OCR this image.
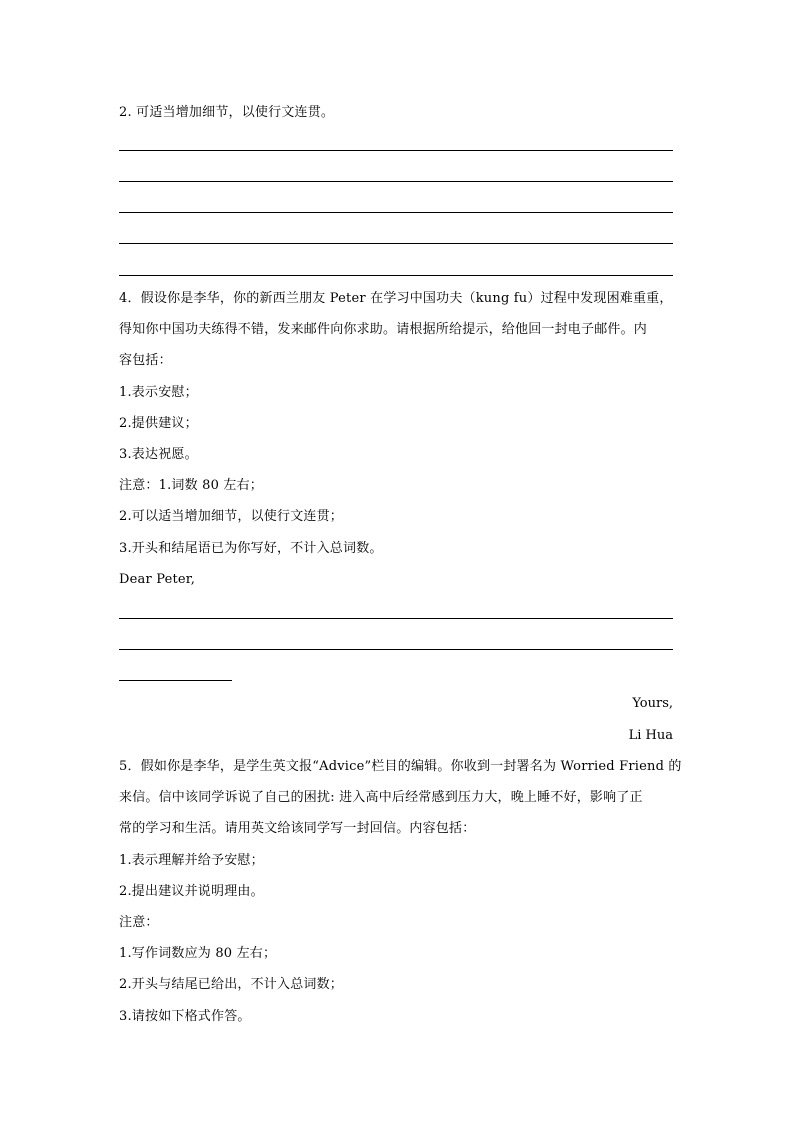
2. 可适当增加细节，以使行文连贯。
4．假设你是李华，你的新西兰朋友 Peter 在学习中国功夫（kung fu）过程中发现困难重重，
得知你中国功夫练得不错，发来邮件向你求助。请根据所给提示，给他回一封电子邮件。内
容包括：
1.表示安慰；
2.提供建议；
3.表达祝愿。
注意：1.词数 80 左右；
2.可以适当增加细节，以使行文连贯；
3.开头和结尾语已为你写好，不计入总词数。
Dear Peter,
Yours,
Li Hua
5．假如你是李华，是学生英文报“Advice”栏目的编辑。你收到一封署名为 Worried Friend 的
来信。信中该同学诉说了自己的困扰: 进入高中后经常感到压力大，晚上睡不好，影响了正
常的学习和生活。请用英文给该同学写一封回信。内容包括：
1.表示理解并给予安慰；
2.提出建议并说明理由。
注意：
1.写作词数应为 80 左右；
2.开头与结尾已给出，不计入总词数；
3.请按如下格式作答。
